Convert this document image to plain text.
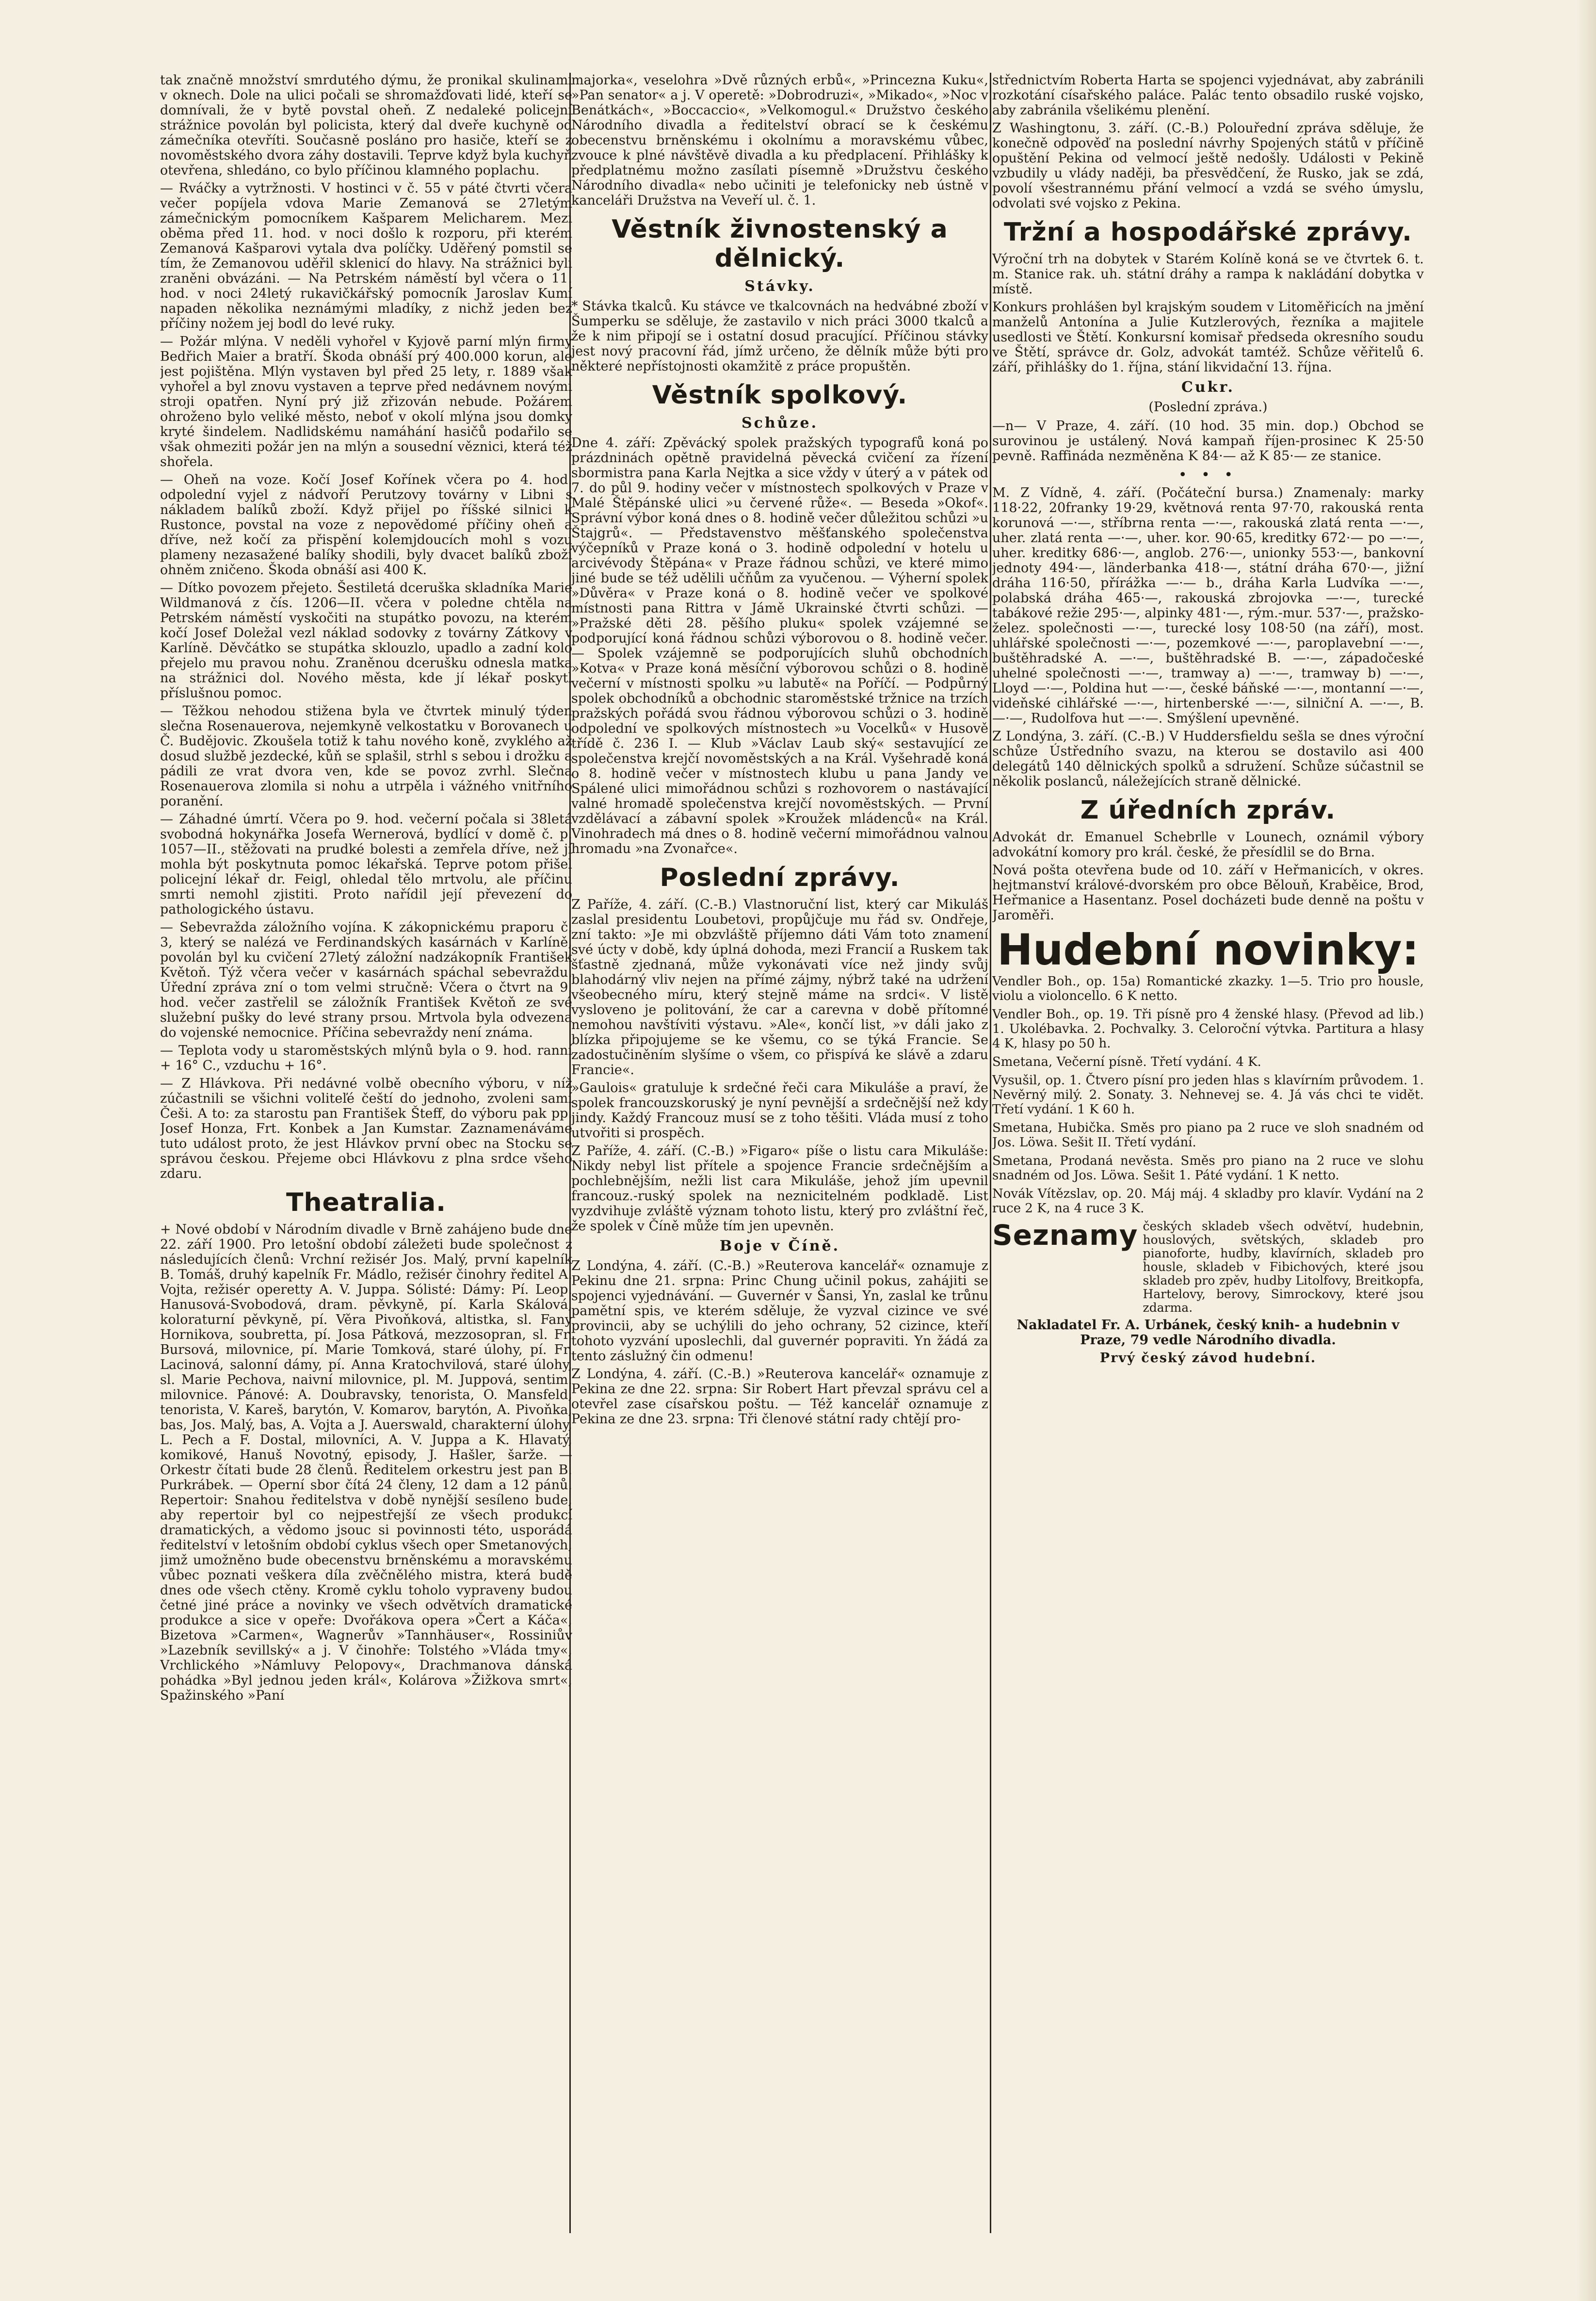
tak značně množství smrdutého dýmu, že pronikal skulinami v oknech. Dole na ulici počali se shromažďovati lidé, kteří se domnívali, že v bytě povstal oheň. Z nedaleké policejní strážnice povolán byl policista, který dal dveře kuchyně od zámečníka otevříti. Současně posláno pro hasiče, kteří se z novoměstského dvora záhy dostavili. Teprve když byla kuchyň otevřena, shledáno, co bylo příčinou klamného poplachu.

— Rváčky a vytržnosti. V hostinci v č. 55 v páté čtvrti včera večer popíjela vdova Marie Zemanová se 27letým zámečnickým pomocníkem Kašparem Melicharem. Mezi oběma před 11. hod. v noci došlo k rozporu, při kterém Zemanová Kašparovi vytala dva políčky. Uděřený pomstil se tím, že Zemanovou uděřil sklenicí do hlavy. Na strážnici byli zraněni obvázáni. — Na Petrském náměstí byl včera o 11. hod. v noci 24letý rukavičkářský pomocník Jaroslav Kumí napaden několika neznámými mladíky, z nichž jeden bez příčiny nožem jej bodl do levé ruky.

— Požár mlýna. V neděli vyhořel v Kyjově parní mlýn firmy Bedřich Maier a bratří. Škoda obnáší prý 400.000 korun, ale jest pojištěna. Mlýn vystaven byl před 25 lety, r. 1889 však vyhořel a byl znovu vystaven a teprve před nedávnem novými stroji opatřen. Nyní prý již zřizován nebude. Požárem ohroženo bylo veliké město, neboť v okolí mlýna jsou domky kryté šindelem. Nadlidskému namáhání hasičů podařilo se však ohmeziti požár jen na mlýn a sousední věznici, která též shořela.

— Oheň na voze. Kočí Josef Kořínek včera po 4. hod. odpolední vyjel z nádvoří Perutzovy továrny v Libni s nákladem balíků zboží. Když přijel po říšské silnici k Rustonce, povstal na voze z nepovědomé příčiny oheň a dříve, než kočí za přispění kolemjdoucích mohl s vozu plameny nezasažené balíky shodili, byly dvacet balíků zboží ohněm zničeno. Škoda obnáší asi 400 K.

— Dítko povozem přejeto. Šestiletá dceruška skladníka Marie Wildmanová z čís. 1206—II. včera v poledne chtěla na Petrském náměstí vyskočiti na stupátko povozu, na kterém kočí Josef Doležal vezl náklad sodovky z továrny Zátkovy v Karlíně. Děvčátko se stupátka sklouzlo, upadlo a zadní kolo přejelo mu pravou nohu. Zraněnou dcerušku odnesla matka na strážnici dol. Nového města, kde jí lékař poskytl příslušnou pomoc.

— Těžkou nehodou stižena byla ve čtvrtek minulý týden slečna Rosenauerova, nejemkyně velkostatku v Borovanech u Č. Budějovic. Zkoušela totiž k tahu nového koně, zvyklého až dosud službě jezdecké, kůň se splašil, strhl s sebou i drožku a pádili ze vrat dvora ven, kde se povoz zvrhl. Slečna Rosenauerova zlomila si nohu a utrpěla i vážného vnitřního poranění.

— Záhadné úmrtí. Včera po 9. hod. večerní počala si 38letá svobodná hokynářka Josefa Wernerová, bydlící v domě č. p. 1057—II., stěžovati na prudké bolesti a zemřela dříve, než jí mohla být poskytnuta pomoc lékařská. Teprve potom přišel policejní lékař dr. Feigl, ohledal tělo mrtvolu, ale příčinu smrti nemohl zjistiti. Proto nařídil její převezení do pathologického ústavu.

— Sebevražda záložního vojína. K zákopnickému praporu č. 3, který se nalézá ve Ferdinandských kasárnách v Karlíně, povolán byl ku cvičení 27letý záložní nadzákopník František Květoň. Týž včera večer v kasárnách spáchal sebevraždu. Úřední zpráva zní o tom velmi stručně: Včera o čtvrt na 9. hod. večer zastřelil se záložník František Květoň ze své služební pušky do levé strany prsou. Mrtvola byla odvezena do vojenské nemocnice. Příčina sebevraždy není známa.

— Teplota vody u staroměstských mlýnů byla o 9. hod. ranní + 16° C., vzduchu + 16°.

— Z Hlávkova. Při nedávné volbě obecního výboru, v níž zúčastnili se všichni voliteľé čeští do jednoho, zvoleni samí Češi. A to: za starostu pan František Šteff, do výboru pak pp. Josef Honza, Frt. Konbek a Jan Kumstar. Zaznamenáváme tuto událost proto, že jest Hlávkov první obec na Stocku se správou českou. Přejeme obci Hlávkovu z plna srdce všeho zdaru.

Theatralia.

+ Nové období v Národním divadle v Brně zahájeno bude dne 22. září 1900. Pro letošní období záležeti bude společnost z následujících členů: Vrchní režisér Jos. Malý, první kapelník B. Tomáš, druhý kapelník Fr. Mádlo, režisér činohry ředitel A. Vojta, režisér operetty A. V. Juppa. Sólisté: Dámy: Pí. Leop. Hanusová-Svobodová, dram. pěvkyně, pí. Karla Skálová, koloraturní pěvkyně, pí. Věra Pivoňková, altistka, sl. Fany Hornikova, soubretta, pí. Josa Pátková, mezzosopran, sl. Fr. Bursová, milovnice, pí. Marie Tomková, staré úlohy, pí. Fr. Lacinová, salonní dámy, pí. Anna Kratochvilová, staré úlohy, sl. Marie Pechova, naivní milovnice, pl. M. Juppová, sentim. milovnice. Pánové: A. Doubravsky, tenorista, O. Mansfeld, tenorista, V. Kareš, barytón, V. Komarov, barytón, A. Pivoňka, bas, Jos. Malý, bas, A. Vojta a J. Auerswald, charakterní úlohy, L. Pech a F. Dostal, milovníci, A. V. Juppa a K. Hlavatý, komikové, Hanuš Novotný, episody, J. Hašler, šarže. — Orkestr čítati bude 28 členů. Ředitelem orkestru jest pan B. Purkrábek. — Operní sbor čítá 24 členy, 12 dam a 12 pánů. Repertoir: Snahou ředitelstva v době nynější sesíleno bude, aby repertoir byl co nejpestřejší ze všech produkcí dramatických, a vědomo jsouc si povinnosti této, usporádá ředitelství v letošním období cyklus všech oper Smetanových, jimž umožněno bude obecenstvu brněnskému a moravskému vůbec poznati veškera díla zvěčnělého mistra, která budě dnes ode všech ctěny. Kromě cyklu toholo vypraveny budou četné jiné práce a novinky ve všech odvětvích dramatické produkce a sice v opeře: Dvořákova opera »Čert a Káča«, Bizetova »Carmen«, Wagnerův »Tannhäuser«, Rossiniův »Lazebník sevillský« a j. V činohře: Tolstého »Vláda tmy«, Vrchlického »Námluvy Pelopovy«, Drachmanova dánská pohádka »Byl jednou jeden král«, Kolárova »Žižkova smrt«, Spažinského »Paní

majorka«, veselohra »Dvě různých erbů«, »Princezna Kuku«, »Pan senator« a j. V operetě: »Dobrodruzi«, »Mikado«, »Noc v Benátkách«, »Boccaccio«, »Velkomogul.« Družstvo českého Národního divadla a ředitelství obrací se k českému obecenstvu brněnskému i okolnímu a moravskému vůbec, zvouce k plné návštěvě divadla a ku předplacení. Přihlášky k předplatnému možno zasílati písemně »Družstvu českého Národního divadla« nebo učiniti je telefonicky neb ústně v kanceláři Družstva na Veveří ul. č. 1.

Věstník živnostenský a dělnický.
Stávky.

* Stávka tkalců. Ku stávce ve tkalcovnách na hedvábné zboží v Šumperku se sděluje, že zastavilo v nich práci 3000 tkalců a že k nim připojí se i ostatní dosud pracující. Příčinou stávky jest nový pracovní řád, jímž určeno, že dělník může býti pro některé nepřístojnosti okamžitě z práce propuštěn.

Věstník spolkový.
Schůze.

Dne 4. září: Zpěvácký spolek pražských typografů koná po prázdninách opětně pravidelná pěvecká cvičení za řízení sbormistra pana Karla Nejtka a sice vždy v úterý a v pátek od 7. do půl 9. hodiny večer v místnostech spolkových v Praze v Malé Štěpánské ulici »u červené růže«. — Beseda »Okof«. Správní výbor koná dnes o 8. hodině večer důležitou schůzi »u Štajgrů«. — Představenstvo měšťanského společenstva výčepníků v Praze koná o 3. hodině odpolední v hotelu u arcivévody Štěpána« v Praze řádnou schůzi, ve které mimo jiné bude se též udělili učňům za vyučenou. — Výherní spolek »Důvěra« v Praze koná o 8. hodině večer ve spolkové místnosti pana Rittra v Jámě Ukrainské čtvrti schůzi. — »Pražské děti 28. pěšího pluku« spolek vzájemné se podporující koná řádnou schůzi výborovou o 8. hodině večer. — Spolek vzájemně se podporujících sluhů obchodních »Kotva« v Praze koná měsíční výborovou schůzi o 8. hodině večerní v místnosti spolku »u labutě« na Poříčí. — Podpůrný spolek obchodníků a obchodnic staroměstské tržnice na trzích pražských pořádá svou řádnou výborovou schůzi o 3. hodině odpolední ve spolkových místnostech »u Vocelků« v Husově třídě č. 236 I. — Klub »Václav Laub ský« sestavující ze společenstva krejčí novoměstských a na Král. Vyšehradě koná o 8. hodině večer v místnostech klubu u pana Jandy ve Spálené ulici mimořádnou schůzi s rozhovorem o nastávající valné hromadě společenstva krejčí novoměstských. — První vzdělávací a zábavní spolek »Kroužek mládenců« na Král. Vinohradech má dnes o 8. hodině večerní mimořádnou valnou hromadu »na Zvonařce«.

Poslední zprávy.

Z Paříže, 4. září. (C.-B.) Vlastnoruční list, který car Mikuláš zaslal presidentu Loubetovi, propůjčuje mu řád sv. Ondřeje, zní takto: »Je mi obzvláště příjemno dáti Vám toto znamení své úcty v době, kdy úplná dohoda, mezi Francií a Ruskem tak šťastně zjednaná, může vykonávati více než jindy svůj blahodárný vliv nejen na přímé zájmy, nýbrž také na udržení všeobecného míru, který stejně máme na srdci«. V listě vysloveno je politování, že car a carevna v době přítomné nemohou navštíviti výstavu. »Ale«, končí list, »v dáli jako z blízka připojujeme se ke všemu, co se týká Francie. Se zadostučiněním slyšíme o všem, co přispívá ke slávě a zdaru Francie«.

»Gaulois« gratuluje k srdečné řeči cara Mikuláše a praví, že spolek francouzskoruský je nyní pevnější a srdečnější než kdy jindy. Každý Francouz musí se z toho těšiti. Vláda musí z toho utvořiti si prospěch.

Z Paříže, 4. září. (C.-B.) »Figaro« píše o listu cara Mikuláše: Nikdy nebyl list přítele a spojence Francie srdečnějším a pochlebnějším, nežli list cara Mikuláše, jehož jím upevnil francouz.-ruský spolek na neznicitelném podkladě. List vyzdvihuje zvláště význam tohoto listu, který pro zvláštní řeč, že spolek v Číně může tím jen upevněn.

Boje v Číně.

Z Londýna, 4. září. (C.-B.) »Reuterova kancelář« oznamuje z Pekinu dne 21. srpna: Princ Chung učinil pokus, zahájiti se spojenci vyjednávání. — Guvernér v Šansi, Yn, zaslal ke trůnu pamětní spis, ve kterém sděluje, že vyzval cizince ve své provincii, aby se uchýlili do jeho ochrany, 52 cizince, kteří tohoto vyzvání uposlechli, dal guvernér popraviti. Yn žádá za tento záslužný čin odmenu!

Z Londýna, 4. září. (C.-B.) »Reuterova kancelář« oznamuje z Pekina ze dne 22. srpna: Sir Robert Hart převzal správu cel a otevřel zase císařskou poštu. — Též kancelář oznamuje z Pekina ze dne 23. srpna: Tři členové státní rady chtějí pro-

střednictvím Roberta Harta se spojenci vyjednávat, aby zabránili rozkotání císařského paláce. Palác tento obsadilo ruské vojsko, aby zabránila všelikému plenění.

Z Washingtonu, 3. září. (C.-B.) Polouřední zpráva sděluje, že konečně odpověď na poslední návrhy Spojených států v příčině opuštění Pekina od velmocí ještě nedošly. Události v Pekině vzbudily u vlády naději, ba přesvědčení, že Rusko, jak se zdá, povolí všestrannému přání velmocí a vzdá se svého úmyslu, odvolati své vojsko z Pekina.

Tržní a hospodářské zprávy.

Výroční trh na dobytek v Starém Kolíně koná se ve čtvrtek 6. t. m. Stanice rak. uh. státní dráhy a rampa k nakládání dobytka v místě.

Konkurs prohlášen byl krajským soudem v Litoměřicích na jmění manželů Antonína a Julie Kutzlerových, řezníka a majitele usedlosti ve Štětí. Konkursní komisař předseda okresního soudu ve Štětí, správce dr. Golz, advokát tamtéž. Schůze věřitelů 6. září, přihlášky do 1. října, stání likvidační 13. října.

Cukr.
(Poslední zpráva.)

—n— V Praze, 4. září. (10 hod. 35 min. dop.) Obchod se surovinou je ustálený. Nová kampaň říjen-prosinec K 25·50 pevně. Raffináda nezměněna K 84·— až K 85·— ze stanice.

• • •

M. Z Vídně, 4. září. (Počáteční bursa.) Znamenaly: marky 118·22, 20franky 19·29, květnová renta 97·70, rakouská renta korunová —·—, stříbrna renta —·—, rakouská zlatá renta —·—, uher. zlatá renta —·—, uher. kor. 90·65, kreditky 672·— po —·—, uher. kreditky 686·—, anglob. 276·—, unionky 553·—, bankovní jednoty 494·—, länderbanka 418·—, státní dráha 670·—, jižní dráha 116·50, přírážka —·— b., dráha Karla Ludvíka —·—, polabská dráha 465·—, rakouská zbrojovka —·—, turecké tabákové režie 295·—, alpinky 481·—, rým.-mur. 537·—, pražsko-želez. společnosti —·—, turecké losy 108·50 (na září), most. uhlářské společnosti —·—, pozemkové —·—, paroplavební —·—, buštěhradské A. —·—, buštěhradské B. —·—, západočeské uhelné společnosti —·—, tramway a) —·—, tramway b) —·—, Lloyd —·—, Poldina hut —·—, české báňské —·—, montanní —·—, videňské cihlářské —·—, hirtenberské —·—, silniční A. —·—, B. —·—, Rudolfova hut —·—. Smýšlení upevněné.

Z Londýna, 3. září. (C.-B.) V Huddersfieldu sešla se dnes výroční schůze Ústředního svazu, na kterou se dostavilo asi 400 delegátů 140 dělnických spolků a sdružení. Schůze súčastnil se několik poslanců, náležejících straně dělnické.

Z úředních zpráv.

Advokát dr. Emanuel Schebrlle v Lounech, oznámil výbory advokátní komory pro král. české, že přesídlil se do Brna.

Nová pošta otevřena bude od 10. září v Heřmanicích, v okres. hejtmanství králové-dvorském pro obce Bělouň, Kraběice, Brod, Heřmanice a Hasentanz. Posel docházeti bude denně na poštu v Jaroměři.

Hudební novinky:

Vendler Boh., op. 15a) Romantické zkazky. 1—5. Trio pro housle, violu a violoncello. 6 K netto.

Vendler Boh., op. 19. Tři písně pro 4 ženské hlasy. (Převod ad lib.) 1. Ukolébavka. 2. Pochvalky. 3. Celoroční výtvka. Partitura a hlasy 4 K, hlasy po 50 h.

Smetana, Večerní písně. Třetí vydání. 4 K.

Vysušil, op. 1. Čtvero písní pro jeden hlas s klavírním průvodem. 1. Nevěrný milý. 2. Sonaty. 3. Nehnevej se. 4. Já vás chci te vidět. Třetí vydání. 1 K 60 h.

Smetana, Hubička. Směs pro piano pa 2 ruce ve sloh snadném od Jos. Löwa. Sešit II. Třetí vydání.

Smetana, Prodaná nevěsta. Směs pro piano na 2 ruce ve slohu snadném od Jos. Löwa. Sešit 1. Páté vydání. 1 K netto.

Novák Vítězslav, op. 20. Máj máj. 4 skladby pro klavír. Vydání na 2 ruce 2 K, na 4 ruce 3 K.

Seznamy českých skladeb všech odvětví, hudebnin, houslových, světských, skladeb pro pianoforte, hudby, klavírních, skladeb pro housle, skladeb v Fibichových, které jsou skladeb pro zpěv, hudby Litolfovy, Breitkopfa, Hartelovy, berovy, Simrockovy, které jsou zdarma.

Nakladatel Fr. A. Urbánek, český knih- a hudebnin v Praze, 79 vedle Národního divadla.

Prvý český závod hudební.
